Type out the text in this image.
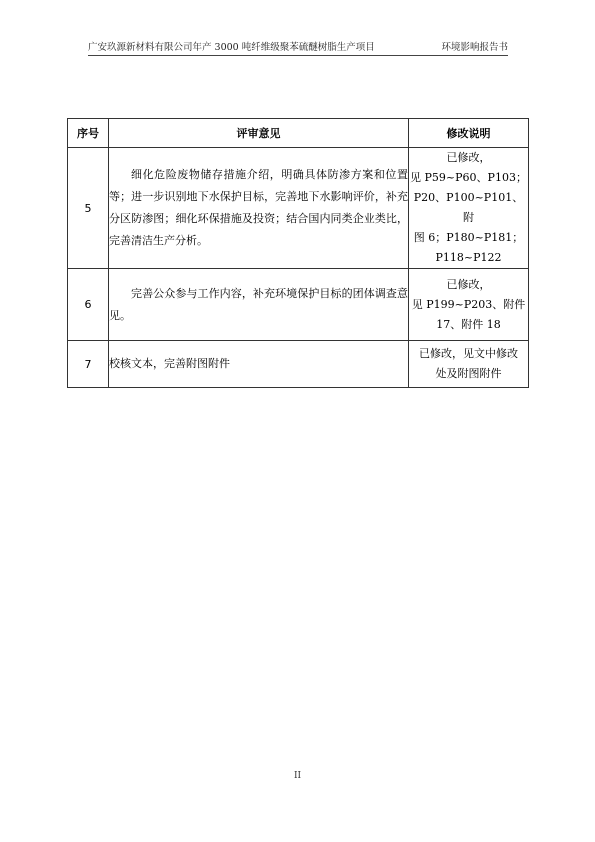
广安玖源新材料有限公司年产 3000 吨纤维级聚苯硫醚树脂生产项目	环境影响报告书
序号	评审意见	修改说明
5	细化危险废物储存措施介绍，明确具体防渗方案和位置等；进一步识别地下水保护目标，完善地下水影响评价，补充分区防渗图；细化环保措施及投资；结合国内同类企业类比，完善清洁生产分析。	已修改，
见 P59~P60、P103；
P20、P100~P101、附
图 6；P180~P181；
P118~P122

6	完善公众参与工作内容，补充环境保护目标的团体调查意见。	已修改，
见 P199~P203、附件
17、附件 18

7	校核文本，完善附图附件	已修改，见文中修改
处及附图附件
II
